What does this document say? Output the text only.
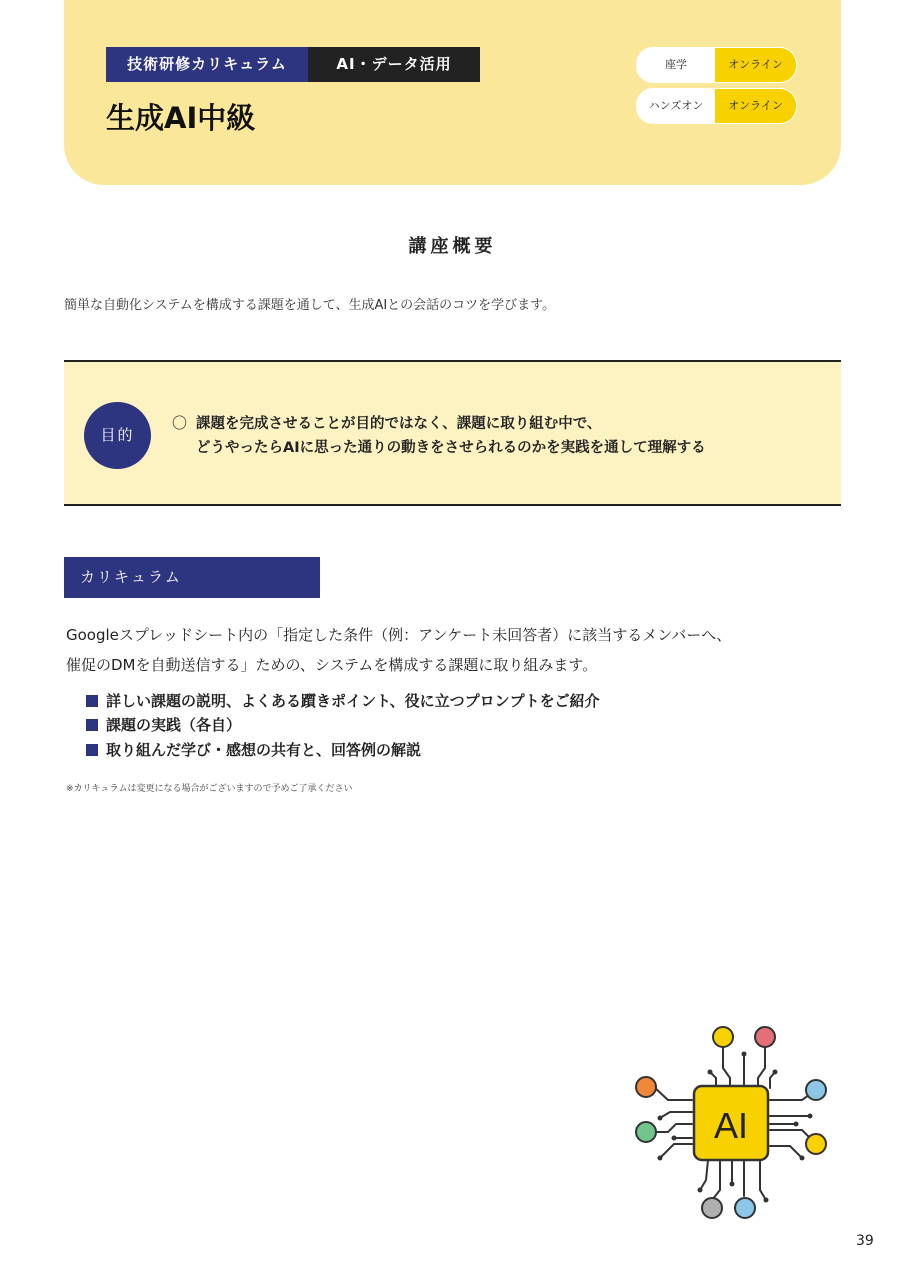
技術研修カリキュラム	AI・データ活用
生成AI中級
座学	オンライン
ハンズオン	オンライン
講座概要
簡単な自動化システムを構成する課題を通して、生成AIとの会話のコツを学びます。
目的
〇 課題を完成させることが目的ではなく、課題に取り組む中で、
どうやったらAIに思った通りの動きをさせられるのかを実践を通して理解する
カリキュラム
Googleスプレッドシート内の「指定した条件（例：アンケート未回答者）に該当するメンバーへ、
催促のDMを自動送信する」ための、システムを構成する課題に取り組みます。
詳しい課題の説明、よくある躓きポイント、役に立つプロンプトをご紹介
課題の実践（各自）
取り組んだ学び・感想の共有と、回答例の解説
※カリキュラムは変更になる場合がございますので予めご了承ください
AI
39
